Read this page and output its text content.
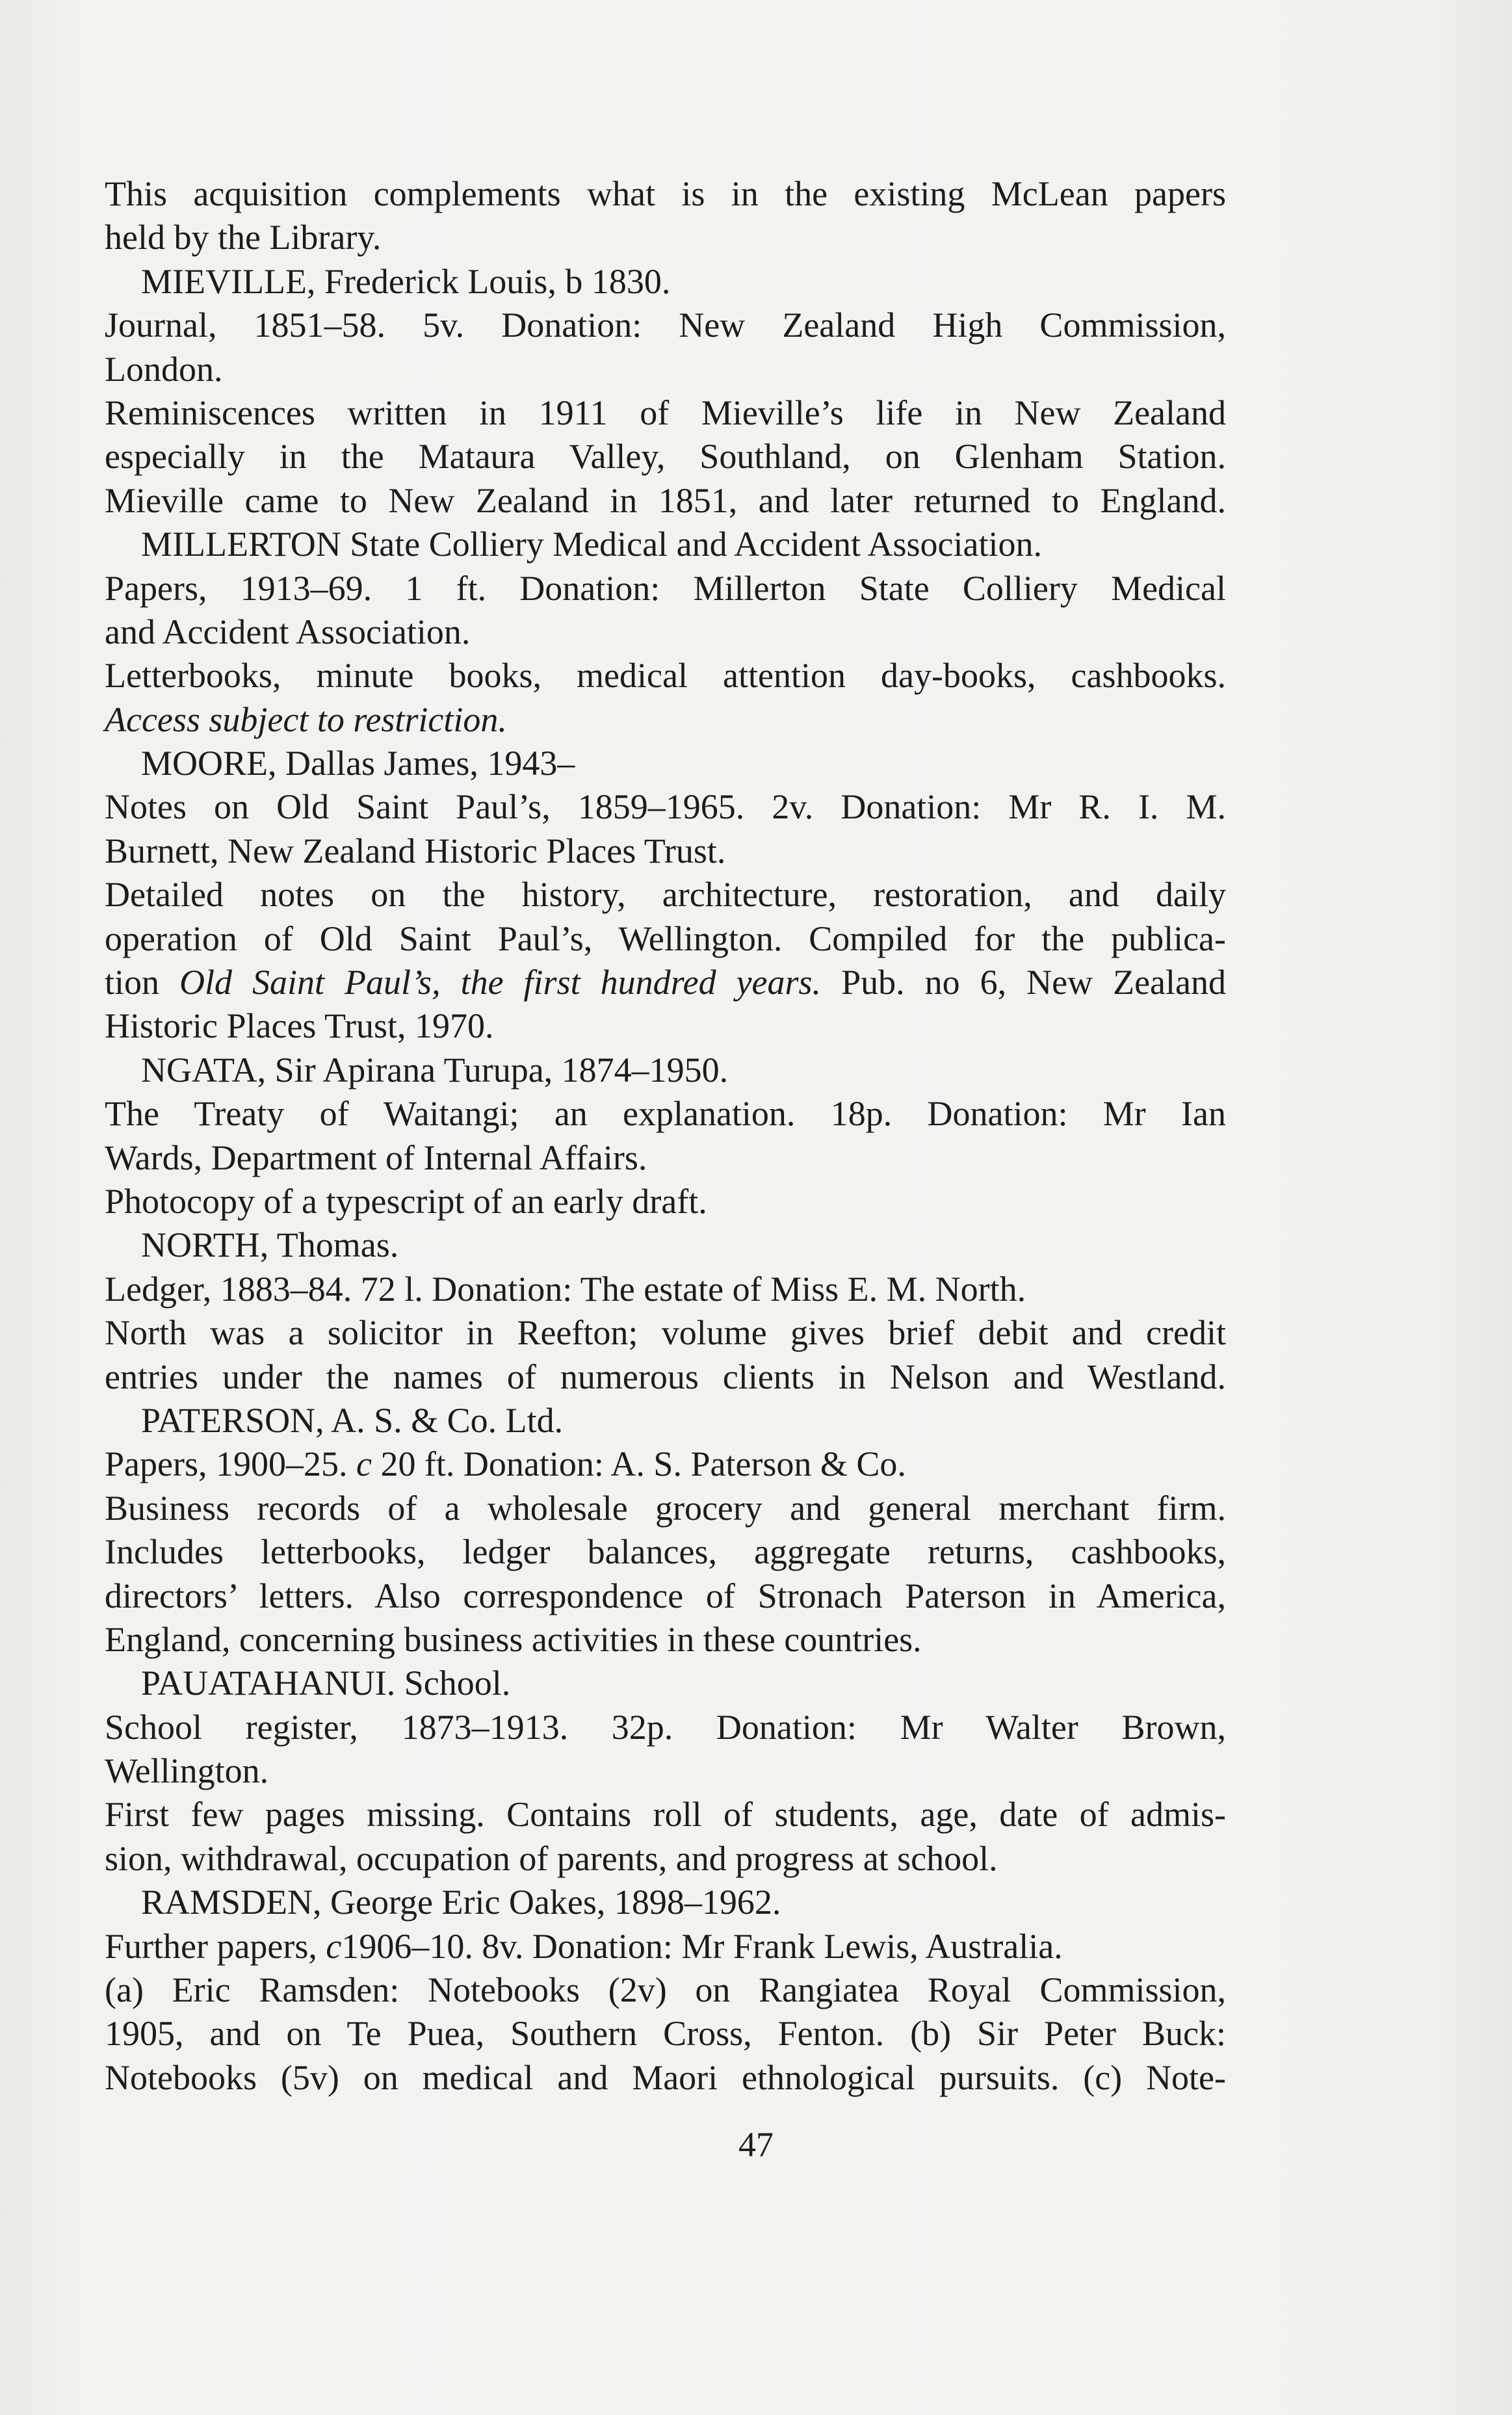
This acquisition complements what is in the existing McLean papers
held by the Library.
MIEVILLE, Frederick Louis, b 1830.
Journal, 1851–58. 5v. Donation: New Zealand High Commission,
London.
Reminiscences written in 1911 of Mieville’s life in New Zealand
especially in the Mataura Valley, Southland, on Glenham Station.
Mieville came to New Zealand in 1851, and later returned to England.
MILLERTON State Colliery Medical and Accident Association.
Papers, 1913–69. 1 ft. Donation: Millerton State Colliery Medical
and Accident Association.
Letterbooks, minute books, medical attention day-books, cashbooks.
Access subject to restriction.
MOORE, Dallas James, 1943–
Notes on Old Saint Paul’s, 1859–1965. 2v. Donation: Mr R. I. M.
Burnett, New Zealand Historic Places Trust.
Detailed notes on the history, architecture, restoration, and daily
operation of Old Saint Paul’s, Wellington. Compiled for the publica-
tion Old Saint Paul’s, the first hundred years. Pub. no 6, New Zealand
Historic Places Trust, 1970.
NGATA, Sir Apirana Turupa, 1874–1950.
The Treaty of Waitangi; an explanation. 18p. Donation: Mr Ian
Wards, Department of Internal Affairs.
Photocopy of a typescript of an early draft.
NORTH, Thomas.
Ledger, 1883–84. 72 l. Donation: The estate of Miss E. M. North.
North was a solicitor in Reefton; volume gives brief debit and credit
entries under the names of numerous clients in Nelson and Westland.
PATERSON, A. S. & Co. Ltd.
Papers, 1900–25. c 20 ft. Donation: A. S. Paterson & Co.
Business records of a wholesale grocery and general merchant firm.
Includes letterbooks, ledger balances, aggregate returns, cashbooks,
directors’ letters. Also correspondence of Stronach Paterson in America,
England, concerning business activities in these countries.
PAUATAHANUI. School.
School register, 1873–1913. 32p. Donation: Mr Walter Brown,
Wellington.
First few pages missing. Contains roll of students, age, date of admis-
sion, withdrawal, occupation of parents, and progress at school.
RAMSDEN, George Eric Oakes, 1898–1962.
Further papers, c1906–10. 8v. Donation: Mr Frank Lewis, Australia.
(a) Eric Ramsden: Notebooks (2v) on Rangiatea Royal Commission,
1905, and on Te Puea, Southern Cross, Fenton. (b) Sir Peter Buck:
Notebooks (5v) on medical and Maori ethnological pursuits. (c) Note-
47
